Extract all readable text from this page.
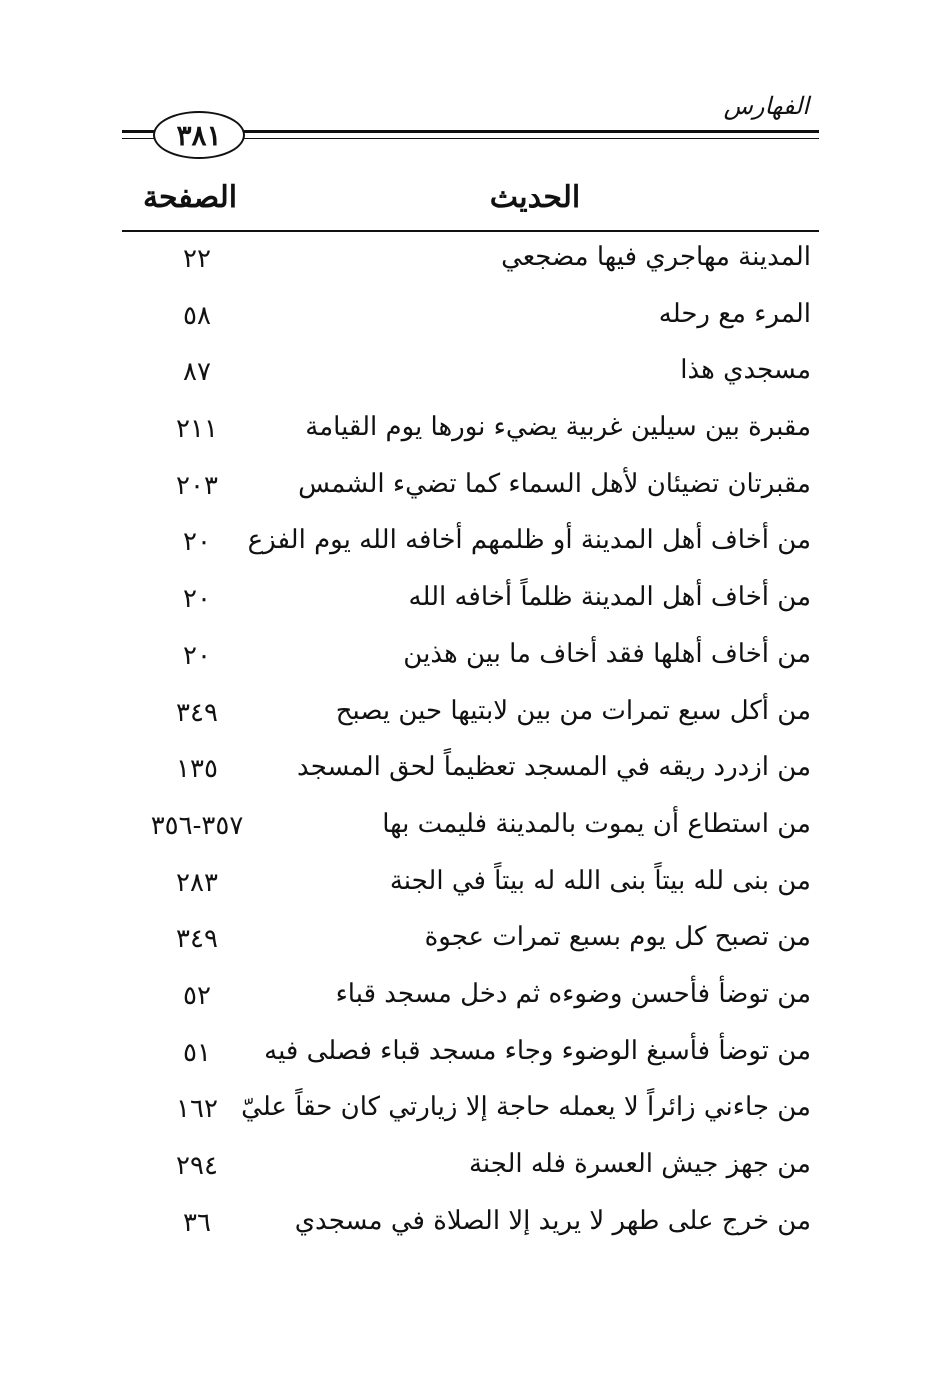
الفهارس
٣٨١
الحديث
الصفحة
المدينة مهاجري فيها مضجعي
٢٢
المرء مع رحله
٥٨
مسجدي هذا
٨٧
مقبرة بين سيلين غربية يضيء نورها يوم القيامة
٢١١
مقبرتان تضيئان لأهل السماء كما تضيء الشمس
٢٠٣
من أخاف أهل المدينة أو ظلمهم أخافه الله يوم الفزع
٢٠
من أخاف أهل المدينة ظلماً أخافه الله
٢٠
من أخاف أهلها فقد أخاف ما بين هذين
٢٠
من أكل سبع تمرات من بين لابتيها حين يصبح
٣٤٩
من ازدرد ريقه في المسجد تعظيماً لحق المسجد
١٣٥
من استطاع أن يموت بالمدينة فليمت بها
٣٥٧-٣٥٦
من بنى لله بيتاً بنى الله له بيتاً في الجنة
٢٨٣
من تصبح كل يوم بسبع تمرات عجوة
٣٤٩
من توضأ فأحسن وضوءه ثم دخل مسجد قباء
٥٢
من توضأ فأسبغ الوضوء وجاء مسجد قباء فصلى فيه
٥١
من جاءني زائراً لا يعمله حاجة إلا زيارتي كان حقاً عليّ
١٦٢
من جهز جيش العسرة فله الجنة
٢٩٤
من خرج على طهر لا يريد إلا الصلاة في مسجدي
٣٦
